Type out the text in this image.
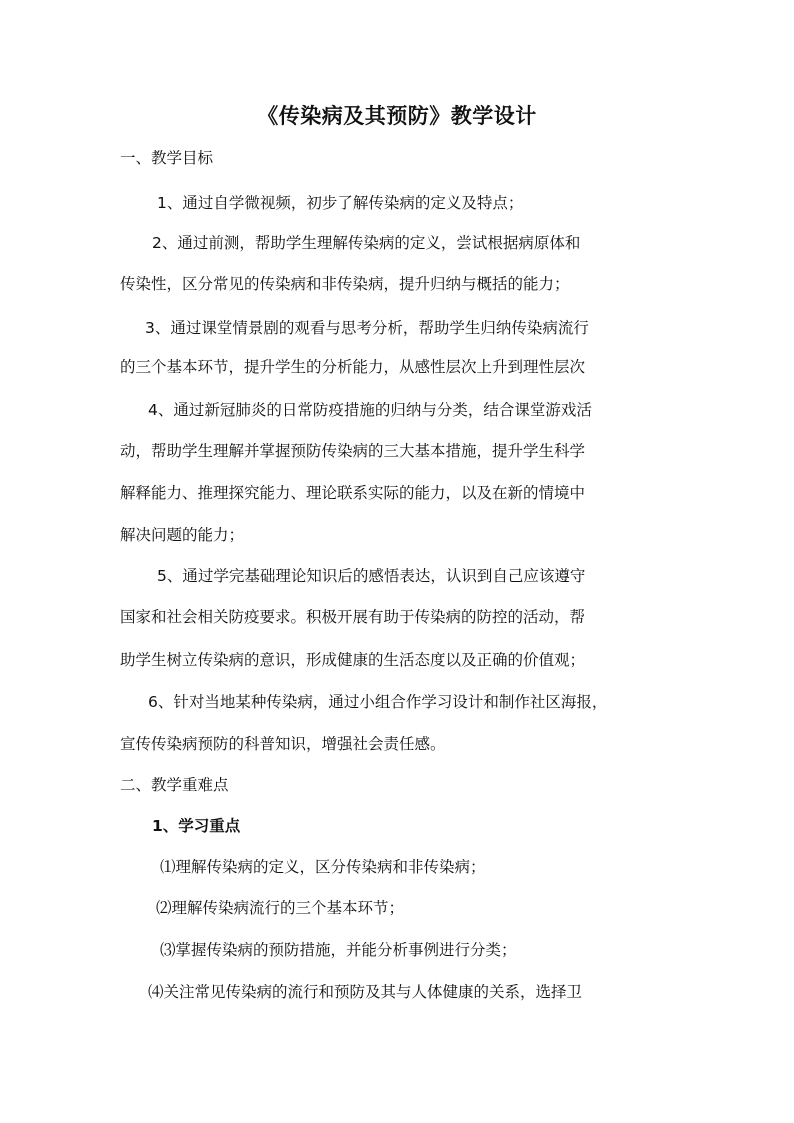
《传染病及其预防》教学设计
一、教学目标
1、通过自学微视频，初步了解传染病的定义及特点；
2、通过前测，帮助学生理解传染病的定义，尝试根据病原体和
传染性，区分常见的传染病和非传染病，提升归纳与概括的能力；
3、通过课堂情景剧的观看与思考分析，帮助学生归纳传染病流行
的三个基本环节，提升学生的分析能力，从感性层次上升到理性层次
4、通过新冠肺炎的日常防疫措施的归纳与分类，结合课堂游戏活
动，帮助学生理解并掌握预防传染病的三大基本措施，提升学生科学
解释能力、推理探究能力、理论联系实际的能力，以及在新的情境中
解决问题的能力；
5、通过学完基础理论知识后的感悟表达，认识到自己应该遵守
国家和社会相关防疫要求。积极开展有助于传染病的防控的活动，帮
助学生树立传染病的意识，形成健康的生活态度以及正确的价值观；
6、针对当地某种传染病，通过小组合作学习设计和制作社区海报，
宣传传染病预防的科普知识，增强社会责任感。
二、教学重难点
1、学习重点
⑴理解传染病的定义，区分传染病和非传染病；
⑵理解传染病流行的三个基本环节；
⑶掌握传染病的预防措施，并能分析事例进行分类；
⑷关注常见传染病的流行和预防及其与人体健康的关系，选择卫
